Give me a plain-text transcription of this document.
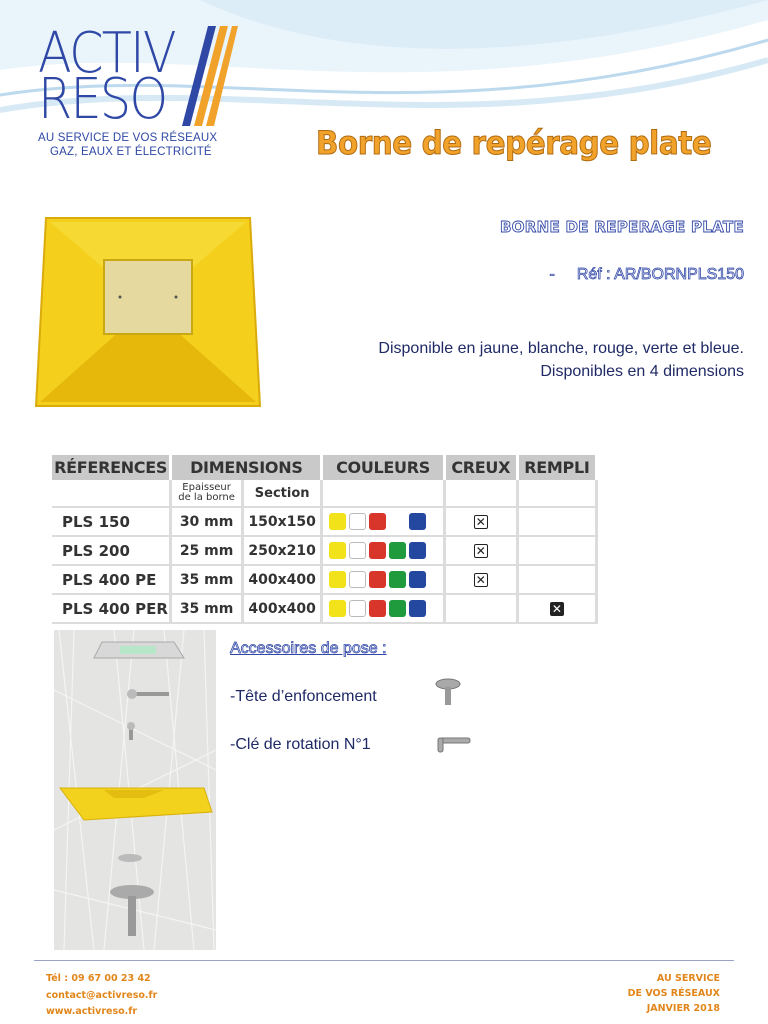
ACTIV
RESO
AU SERVICE DE VOS RÉSEAUX
GAZ, EAUX ET ÉLECTRICITÉ	Borne de repérage plate
BORNE DE REPERAGE PLATE
- Réf : AR/BORNPLS150
Disponible en jaune, blanche, rouge, verte et bleue.
Disponibles en 4 dimensions
RÉFERENCES	DIMENSIONS		COULEURS	CREUX	REMPLI

	Epaisseur
de la borne	Section			
PLS 150	30 mm	150x150		✕	
PLS 200	25 mm	250x210		✕	
PLS 400 PE	35 mm	400x400		✕	
PLS 400 PER	35 mm	400x400			✕
Accessoires de pose :
-Tête d’enfoncement
-Clé de rotation N°1
Tél : 09 67 00 23 42
contact@activreso.fr
www.activreso.fr
AU SERVICE
DE VOS RÉSEAUX
JANVIER 2018
